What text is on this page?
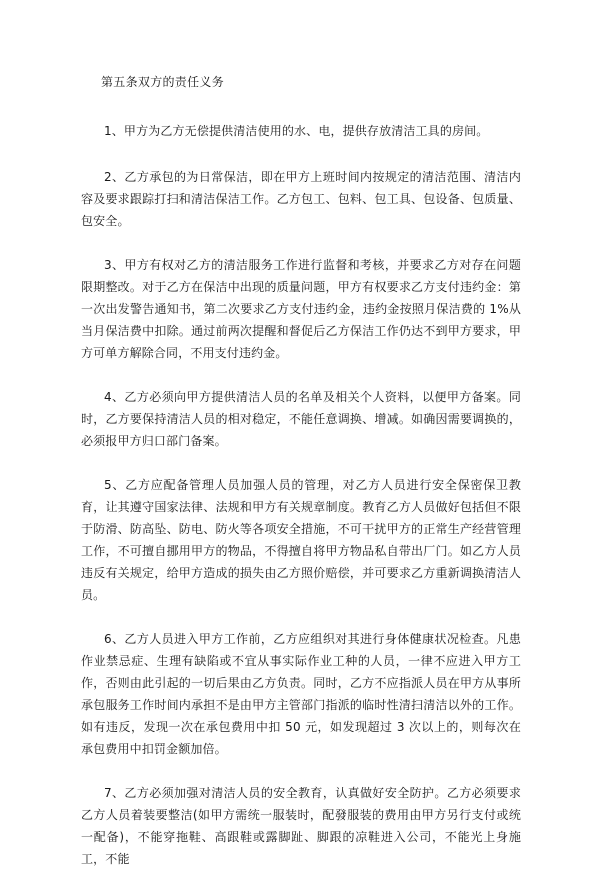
第五条双方的责任义务

1、甲方为乙方无偿提供清洁使用的水、电，提供存放清洁工具的房间。

2、乙方承包的为日常保洁，即在甲方上班时间内按规定的清洁范围、清洁内容及要求跟踪打扫和清洁保洁工作。乙方包工、包料、包工具、包设备、包质量、包安全。

3、甲方有权对乙方的清洁服务工作进行监督和考核，并要求乙方对存在问题限期整改。对于乙方在保洁中出现的质量问题，甲方有权要求乙方支付违约金：第一次出发警告通知书，第二次要求乙方支付违约金，违约金按照月保洁费的 1%从当月保洁费中扣除。通过前两次提醒和督促后乙方保洁工作仍达不到甲方要求，甲方可单方解除合同，不用支付违约金。

4、乙方必须向甲方提供清洁人员的名单及相关个人资料，以便甲方备案。同时，乙方要保持清洁人员的相对稳定，不能任意调换、增减。如确因需要调换的，必须报甲方归口部门备案。

5、乙方应配备管理人员加强人员的管理，对乙方人员进行安全保密保卫教育，让其遵守国家法律、法规和甲方有关规章制度。教育乙方人员做好包括但不限于防滑、防高坠、防电、防火等各项安全措施，不可干扰甲方的正常生产经营管理工作，不可擅自挪用甲方的物品，不得擅自将甲方物品私自带出厂门。如乙方人员违反有关规定，给甲方造成的损失由乙方照价赔偿，并可要求乙方重新调换清洁人员。

6、乙方人员进入甲方工作前，乙方应组织对其进行身体健康状况检查。凡患作业禁忌症、生理有缺陷或不宜从事实际作业工种的人员，一律不应进入甲方工作，否则由此引起的一切后果由乙方负责。同时，乙方不应指派人员在甲方从事所承包服务工作时间内承担不是由甲方主管部门指派的临时性清扫清洁以外的工作。如有违反，发现一次在承包费用中扣 50 元，如发现超过 3 次以上的，则每次在承包费用中扣罚金额加倍。

7、乙方必须加强对清洁人员的安全教育，认真做好安全防护。乙方必须要求乙方人员着装要整洁(如甲方需统一服装时，配發服装的费用由甲方另行支付或统一配备)，不能穿拖鞋、高跟鞋或露脚趾、脚跟的凉鞋进入公司，不能光上身施工，不能
